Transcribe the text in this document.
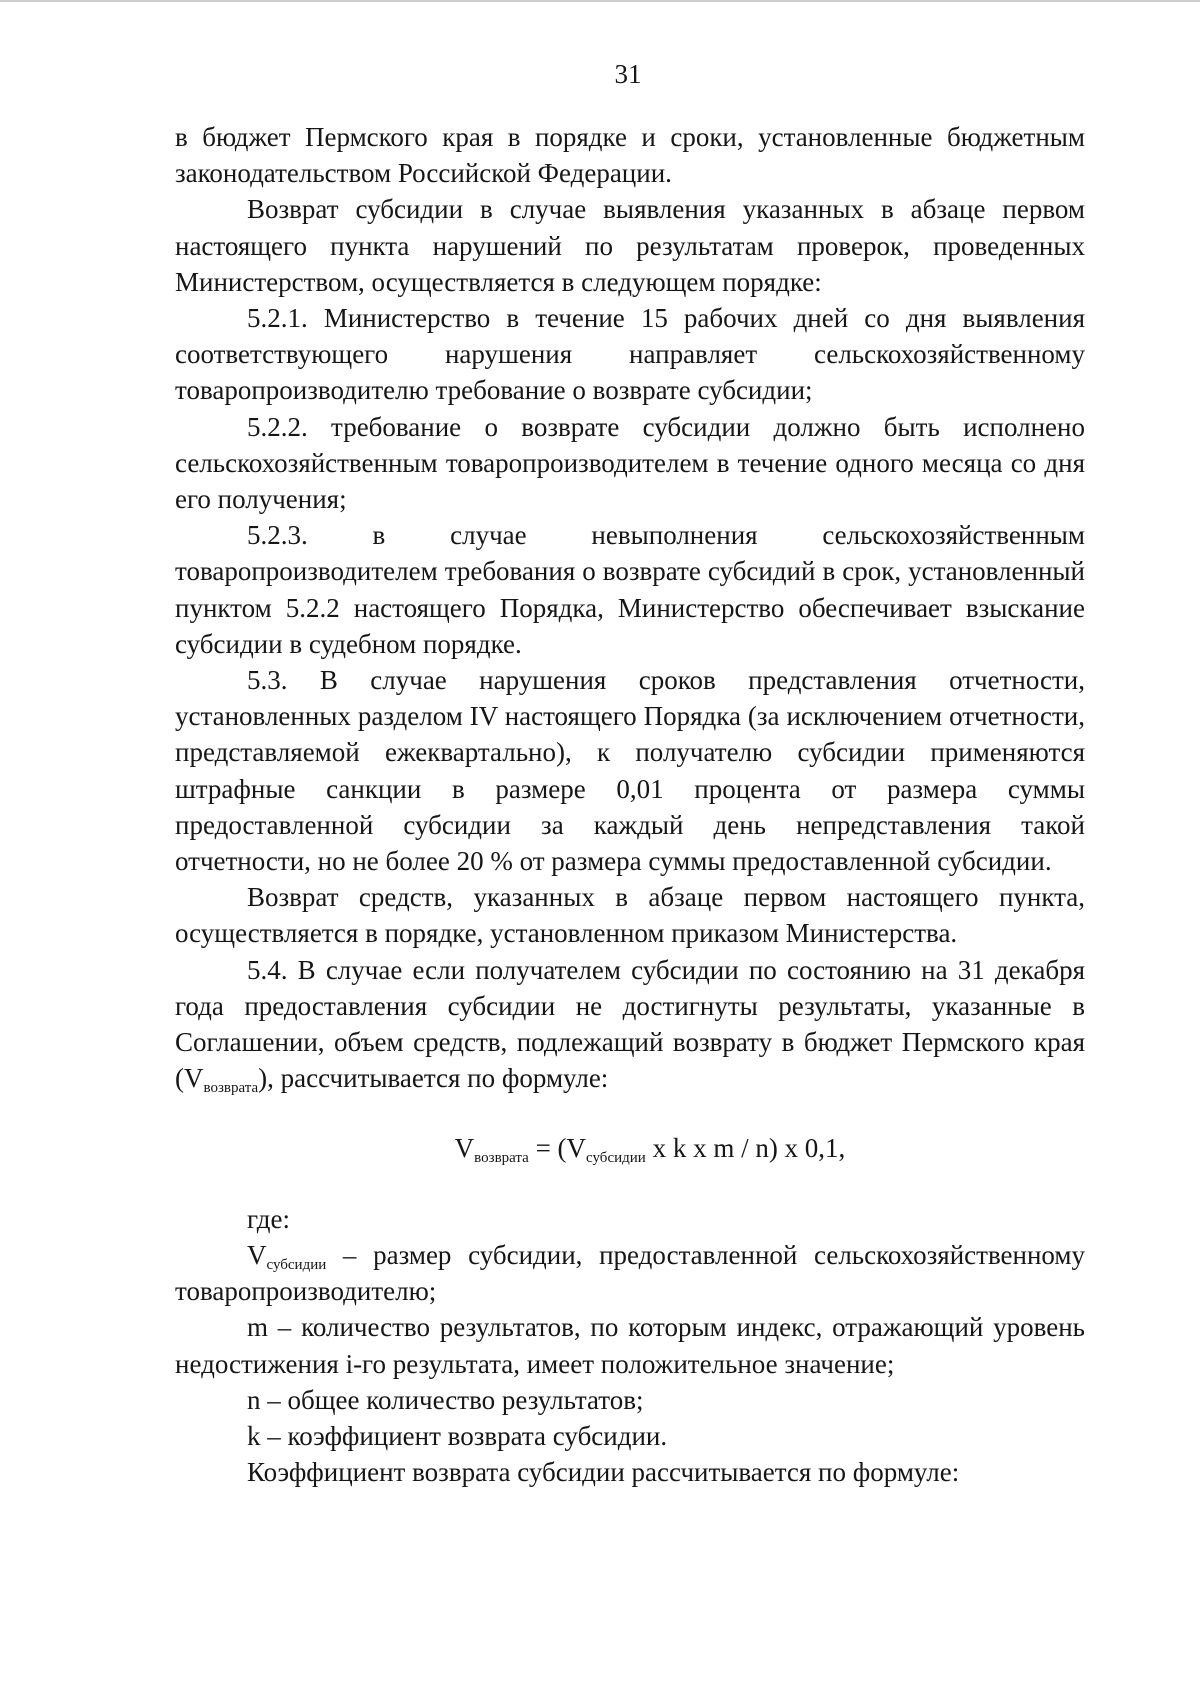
31

в бюджет Пермского края в порядке и сроки, установленные бюджетным законодательством Российской Федерации.

Возврат субсидии в случае выявления указанных в абзаце первом настоящего пункта нарушений по результатам проверок, проведенных Министерством, осуществляется в следующем порядке:

5.2.1. Министерство в течение 15 рабочих дней со дня выявления соответствующего нарушения направляет сельскохозяйственному товаропроизводителю требование о возврате субсидии;

5.2.2. требование о возврате субсидии должно быть исполнено сельскохозяйственным товаропроизводителем в течение одного месяца со дня его получения;

5.2.3. в случае невыполнения сельскохозяйственным товаропроизводителем требования о возврате субсидий в срок, установленный пунктом 5.2.2 настоящего Порядка, Министерство обеспечивает взыскание субсидии в судебном порядке.

5.3. В случае нарушения сроков представления отчетности, установленных разделом IV настоящего Порядка (за исключением отчетности, представляемой ежеквартально), к получателю субсидии применяются штрафные санкции в размере 0,01 процента от размера суммы предоставленной субсидии за каждый день непредставления такой отчетности, но не более 20 % от размера суммы предоставленной субсидии.

Возврат средств, указанных в абзаце первом настоящего пункта, осуществляется в порядке, установленном приказом Министерства.

5.4. В случае если получателем субсидии по состоянию на 31 декабря года предоставления субсидии не достигнуты результаты, указанные в Соглашении, объем средств, подлежащий возврату в бюджет Пермского края $(V_{возврата})$, рассчитывается по формуле:

$V_{возврата} = (V_{субсидии}$ x k x m / n) x 0,1,

где:

$V_{субсидии}$ – размер субсидии, предоставленной сельскохозяйственному товаропроизводителю;

m – количество результатов, по которым индекс, отражающий уровень недостижения i-го результата, имеет положительное значение;

n – общее количество результатов;

k – коэффициент возврата субсидии.

Коэффициент возврата субсидии рассчитывается по формуле:
